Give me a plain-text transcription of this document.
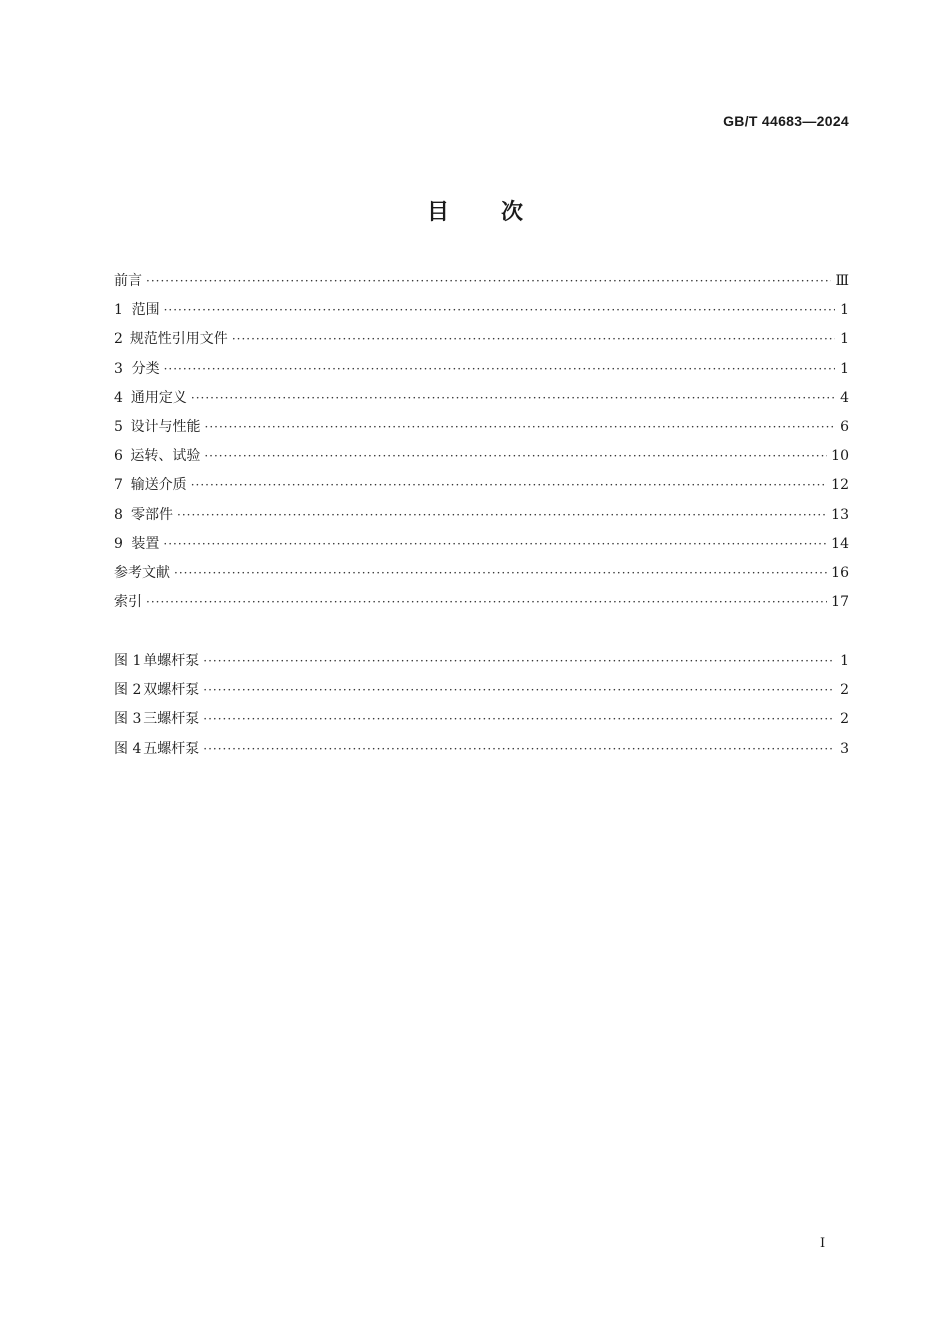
GB/T 44683—2024
目 次
前言 ·····	Ⅲ
1 范围 ·····	1
2 规范性引用文件 ·····	1
3 分类 ·····	1
4 通用定义 ·····	4
5 设计与性能 ·····	6
6 运转、试验 ·····	10
7 输送介质 ·····	12
8 零部件 ·····	13
9 装置 ·····	14
参考文献 ·····	16
索引 ·····	17
图 1 单螺杆泵 ·····	1
图 2 双螺杆泵 ·····	2
图 3 三螺杆泵 ·····	2
图 4 五螺杆泵 ·····	3
I
